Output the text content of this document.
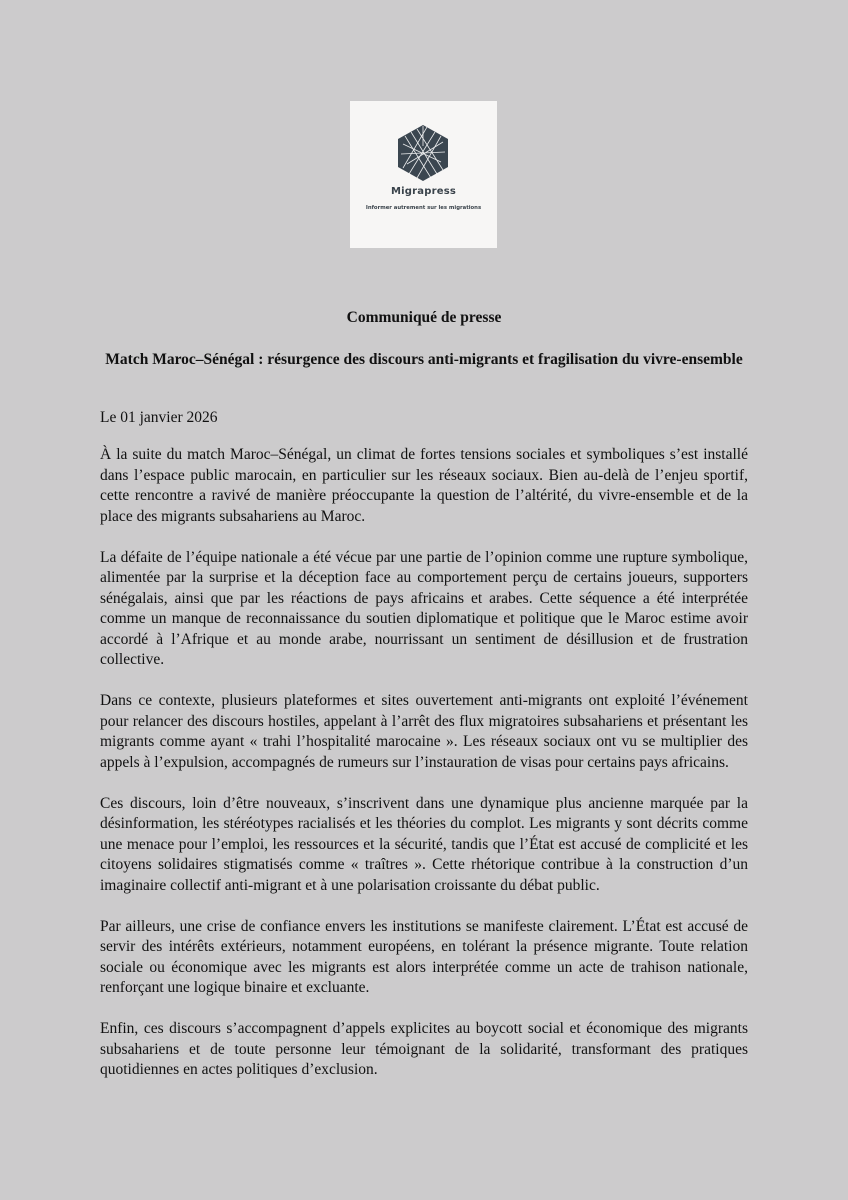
Migrapress
Informer autrement sur les migrations
Communiqué de presse
Match Maroc–Sénégal : résurgence des discours anti-migrants et fragilisation du vivre-ensemble

Le 01 janvier 2026

À la suite du match Maroc–Sénégal, un climat de fortes tensions sociales et symboliques s’est installé dans l’espace public marocain, en particulier sur les réseaux sociaux. Bien au-delà de l’enjeu sportif, cette rencontre a ravivé de manière préoccupante la question de l’altérité, du vivre-ensemble et de la place des migrants subsahariens au Maroc.

La défaite de l’équipe nationale a été vécue par une partie de l’opinion comme une rupture symbolique, alimentée par la surprise et la déception face au comportement perçu de certains joueurs, supporters sénégalais, ainsi que par les réactions de pays africains et arabes. Cette séquence a été interprétée comme un manque de reconnaissance du soutien diplomatique et politique que le Maroc estime avoir accordé à l’Afrique et au monde arabe, nourrissant un sentiment de désillusion et de frustration collective.

Dans ce contexte, plusieurs plateformes et sites ouvertement anti-migrants ont exploité l’événement pour relancer des discours hostiles, appelant à l’arrêt des flux migratoires subsahariens et présentant les migrants comme ayant « trahi l’hospitalité marocaine ». Les réseaux sociaux ont vu se multiplier des appels à l’expulsion, accompagnés de rumeurs sur l’instauration de visas pour certains pays africains.

Ces discours, loin d’être nouveaux, s’inscrivent dans une dynamique plus ancienne marquée par la désinformation, les stéréotypes racialisés et les théories du complot. Les migrants y sont décrits comme une menace pour l’emploi, les ressources et la sécurité, tandis que l’État est accusé de complicité et les citoyens solidaires stigmatisés comme « traîtres ». Cette rhétorique contribue à la construction d’un imaginaire collectif anti-migrant et à une polarisation croissante du débat public.

Par ailleurs, une crise de confiance envers les institutions se manifeste clairement. L’État est accusé de servir des intérêts extérieurs, notamment européens, en tolérant la présence migrante. Toute relation sociale ou économique avec les migrants est alors interprétée comme un acte de trahison nationale, renforçant une logique binaire et excluante.

Enfin, ces discours s’accompagnent d’appels explicites au boycott social et économique des migrants subsahariens et de toute personne leur témoignant de la solidarité, transformant des pratiques quotidiennes en actes politiques d’exclusion.
